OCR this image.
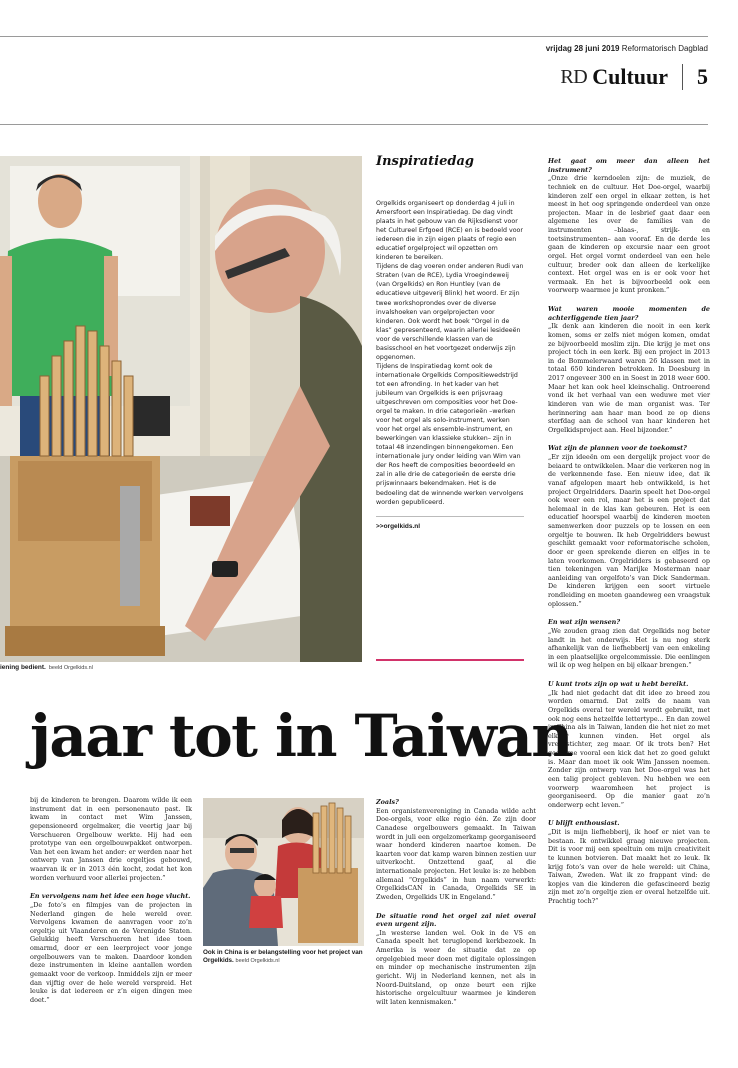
vrijdag 28 juni 2019 Reformatorisch Dagblad
RD Cultuur 5
iening bedient. beeld Orgelkids.nl
Inspiratiedag

Orgelkids organiseert op donderdag 4 juli in Amersfoort een Inspiratiedag. De dag vindt plaats in het gebouw van de Rijksdienst voor het Cultureel Erfgoed (RCE) en is bedoeld voor iedereen die in zijn eigen plaats of regio een educatief orgelproject wil opzetten om kinderen te bereiken.

Tijdens de dag voeren onder anderen Rudi van Straten (van de RCE), Lydia Vroegindeweij (van Orgelkids) en Ron Huntley (van de educatieve uitgeverij Blink) het woord. Er zijn twee workshoprondes over de diverse invalshoeken van orgelprojecten voor kinderen. Ook wordt het boek “Orgel in de klas” gepresenteerd, waarin allerlei lesideeën voor de verschillende klassen van de basisschool en het voortgezet onderwijs zijn opgenomen.

Tijdens de Inspiratiedag komt ook de internationale Orgelkids Compositiewedstrijd tot een afronding. In het kader van het jubileum van Orgelkids is een prijsvraag uitgeschreven om composities voor het Doe-orgel te maken. In drie categorieën –werken voor het orgel als solo-instrument, werken voor het orgel als ensemble-instrument, en bewerkingen van klassieke stukken– zijn in totaal 48 inzendingen binnengekomen. Een internationale jury onder leiding van Wim van der Ros heeft de composities beoordeeld en zal in alle drie de categorieën de eerste drie prijswinnaars bekendmaken. Het is de bedoeling dat de winnende werken vervolgens worden gepubliceerd.

>>orgelkids.nl

Het gaat om meer dan alleen het instrument?

„Onze drie kerndoelen zijn: de muziek, de techniek en de cultuur. Het Doe-orgel, waarbij kinderen zelf een orgel in elkaar zetten, is het meest in het oog springende onderdeel van onze projecten. Maar in de lesbrief gaat daar een algemene les over de families van de instrumenten –blaas-, strijk- en toetsinstrumenten– aan vooraf. En de derde les gaan de kinderen op excursie naar een groot orgel. Het orgel vormt onderdeel van een hele cultuur, breder ook dan alleen de kerkelijke context. Het orgel was en is er ook voor het vermaak. En het is bijvoorbeeld ook een voorwerp waarmee je kunt pronken.”

Wat waren mooie momenten de achterliggende tien jaar?

„Ik denk aan kinderen die nooit in een kerk komen, soms er zelfs niet mógen komen, omdat ze bijvoorbeeld moslim zijn. Die krijg je met ons project tóch in een kerk. Bij een project in 2013 in de Bommelerwaard waren 26 klassen met in totaal 650 kinderen betrokken. In Doesburg in 2017 ongeveer 300 en in Soest in 2018 weer 600. Maar het kan ook heel kleinschalig. Ontroerend vond ik het verhaal van een weduwe met vier kinderen van wie de man organist was. Ter herinnering aan haar man bood ze op diens sterfdag aan de school van haar kinderen het Orgelkidsproject aan. Heel bijzonder.”

Wat zijn de plannen voor de toekomst?

„Er zijn ideeën om een dergelijk project voor de beiaard te ontwikkelen. Maar die verkeren nog in de verkennende fase. Een nieuw idee, dat ik vanaf afgelopen maart heb ontwikkeld, is het project Orgelridders. Daarin speelt het Doe-orgel ook weer een rol, maar het is een project dat helemaal in de klas kan gebeuren. Het is een educatief hoorspel waarbij de kinderen moeten samenwerken door puzzels op te lossen en een orgeltje te bouwen. Ik heb Orgelridders bewust geschikt gemaakt voor reformatorische scholen, door er geen sprekende dieren en elfjes in te laten voorkomen. Orgelridders is gebaseerd op tien tekeningen van Marijke Mosterman naar aanleiding van orgelfoto’s van Dick Sanderman. De kinderen krijgen een soort virtuele rondleiding en moeten gaandeweg een vraagstuk oplossen.”

En wat zijn wensen?

„We zouden graag zien dat Orgelkids nog beter landt in het onderwijs. Het is nu nog sterk afhankelijk van de liefhebberij van een enkeling in een plaatselijke orgelcommissie. Die eenlingen wil ik op weg helpen en bij elkaar brengen.”

U kunt trots zijn op wat u hebt bereikt.

„Ik had niet gedacht dat dit idee zo breed zou worden omarmd. Dat zelfs de naam van Orgelkids overal ter wereld wordt gebruikt, met ook nog eens hetzelfde lettertype... En dan zowel in China als in Taiwan, landen die het niet zo met elkaar kunnen vinden. Het orgel als vredestichter, zeg maar. Of ik trots ben? Het geeft me vooral een kick dat het zo goed gelukt is. Maar dan moet ik ook Wim Janssen noemen. Zonder zijn ontwerp van het Doe-orgel was het een talig project gebleven. Nu hebben we een voorwerp waaromheen het project is georganiseerd. Op die manier gaat zo’n onderwerp echt leven.”

U blijft enthousiast.

„Dit is mijn liefhebberij, ik hoef er niet van te bestaan. Ik ontwikkel graag nieuwe projecten. Dit is voor mij een speeltuin om mijn creativiteit te kunnen botvieren. Dat maakt het zo leuk. Ik krijg foto’s van over de hele wereld: uit China, Taiwan, Zweden. Wat ik zo frappant vind: de kopjes van die kinderen die gefascineerd bezig zijn met zo’n orgeltje zien er overal hetzelfde uit. Prachtig toch?”

jaar tot in Taiwan

bij de kinderen te brengen. Daarom wilde ik een instrument dat in een personenauto past. Ik kwam in contact met Wim Janssen, gepensioneerd orgelmaker, die veertig jaar bij Verschueren Orgelbouw werkte. Hij had een prototype van een orgelbouwpakket ontworpen. Van het een kwam het ander: er werden naar het ontwerp van Janssen drie orgeltjes gebouwd, waarvan ik er in 2013 één kocht, zodat het kon worden verhuurd voor allerlei projecten.”

En vervolgens nam het idee een hoge vlucht.

„De foto’s en filmpjes van de projecten in Nederland gingen de hele wereld over. Vervolgens kwamen de aanvragen voor zo’n orgeltje uit Vlaanderen en de Verenigde Staten. Gelukkig heeft Verschueren het idee toen omarmd, door er een leerproject voor jonge orgelbouwers van te maken. Daardoor konden deze instrumenten in kleine aantallen worden gemaakt voor de verkoop. Inmiddels zijn er meer dan vijftig over de hele wereld verspreid. Het leuke is dat iedereen er z’n eigen dingen mee doet.”

Ook in China is er belangstelling voor het project van Orgelkids. beeld Orgelkids.nl

Zoals?

Een organistenvereniging in Canada wilde acht Doe-orgels, voor elke regio één. Ze zijn door Canadese orgelbouwers gemaakt. In Taiwan wordt in juli een orgelzomerkamp georganiseerd waar honderd kinderen naartoe komen. De kaarten voor dat kamp waren binnen zestien uur uitverkocht. Ontzettend gaaf, al die internationale projecten. Het leuke is: ze hebben allemaal “Orgelkids” in hun naam verwerkt: OrgelkidsCAN in Canada, Orgelkids SE in Zweden, Orgelkids UK in Engeland.”

De situatie rond het orgel zal niet overal even urgent zijn.

„In westerse landen wel. Ook in de VS en Canada speelt het teruglopend kerkbezoek. In Amerika is weer de situatie dat ze op orgelgebied meer doen met digitale oplossingen en minder op mechanische instrumenten zijn gericht. Wij in Nederland kennen, net als in Noord-Duitsland, op onze beurt een rijke historische orgelcultuur waarmee je kinderen wilt laten kennismaken.”
